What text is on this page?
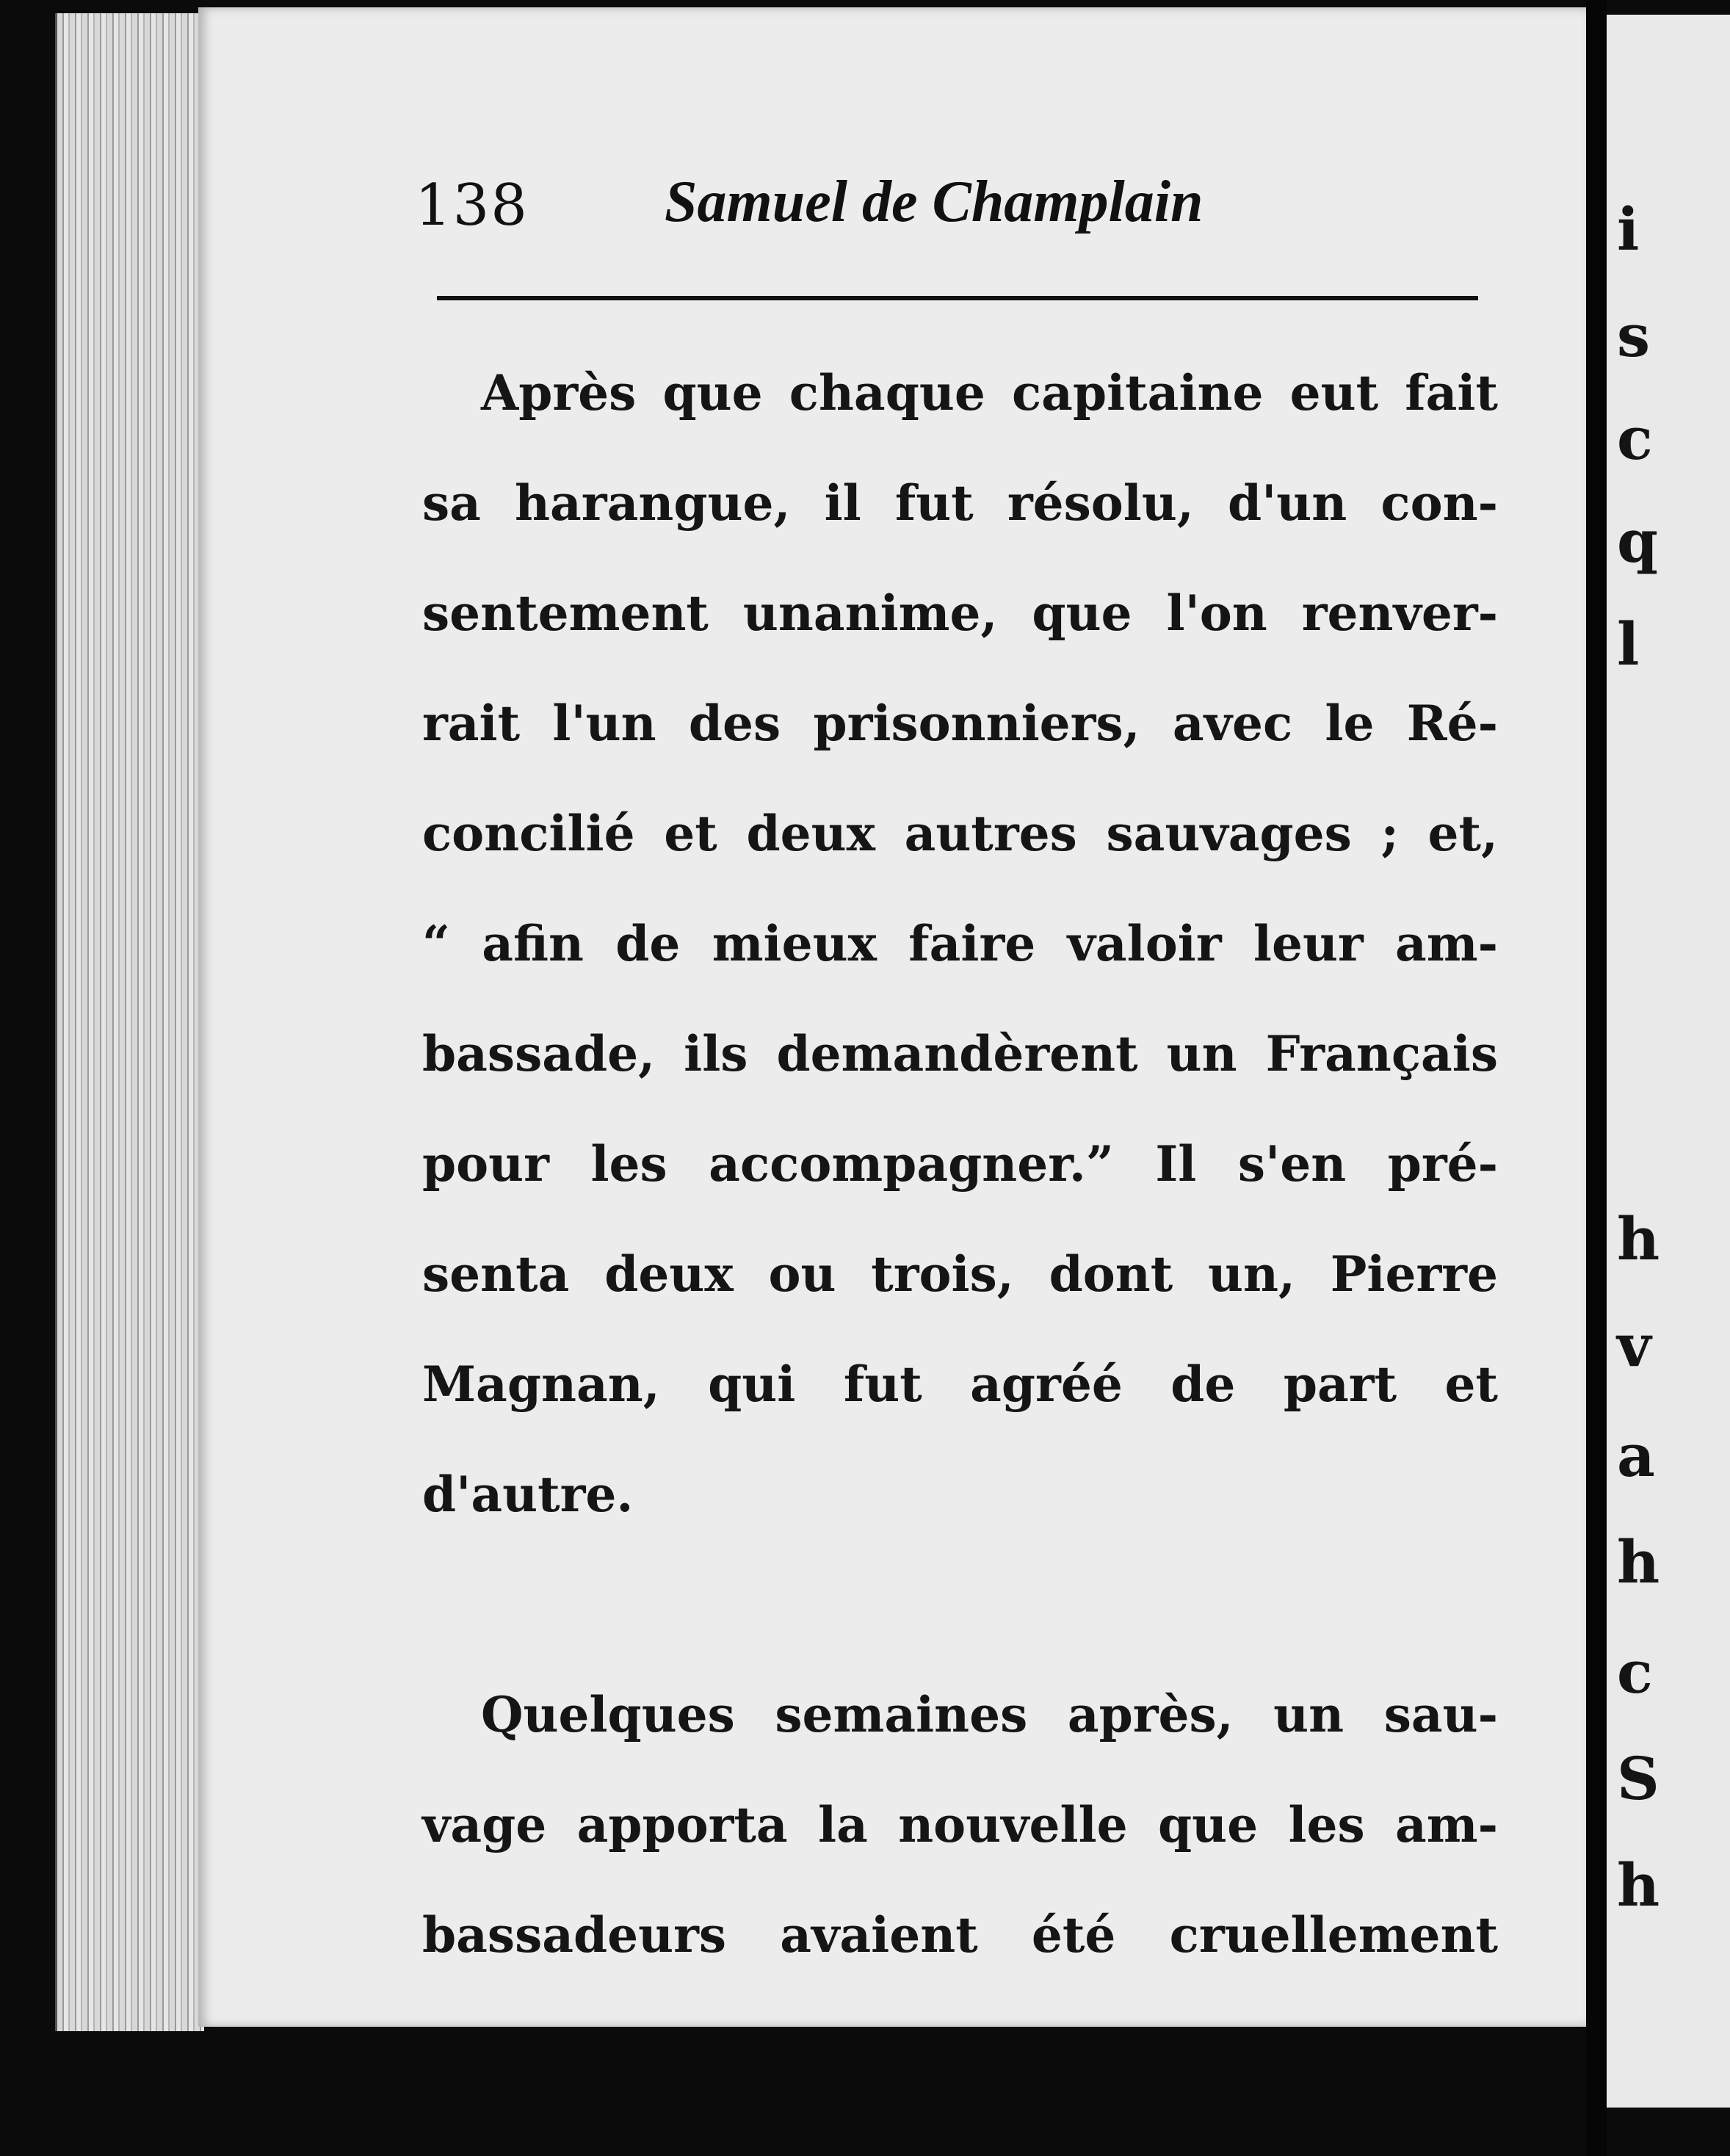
i
s
c
q
l
h
v
a
h
c
S
h
138 Samuel de Champlain
Après que chaque capitaine eut fait
sa harangue, il fut résolu, d'un con-
sentement unanime, que l'on renver-
rait l'un des prisonniers, avec le Ré-
concilié et deux autres sauvages ; et,
“ afin de mieux faire valoir leur am-
bassade, ils demandèrent un Français
pour les accompagner.” Il s'en pré-
senta deux ou trois, dont un, Pierre
Magnan, qui fut agréé de part et
d'autre.
Quelques semaines après, un sau-
vage apporta la nouvelle que les am-
bassadeurs avaient été cruellement
